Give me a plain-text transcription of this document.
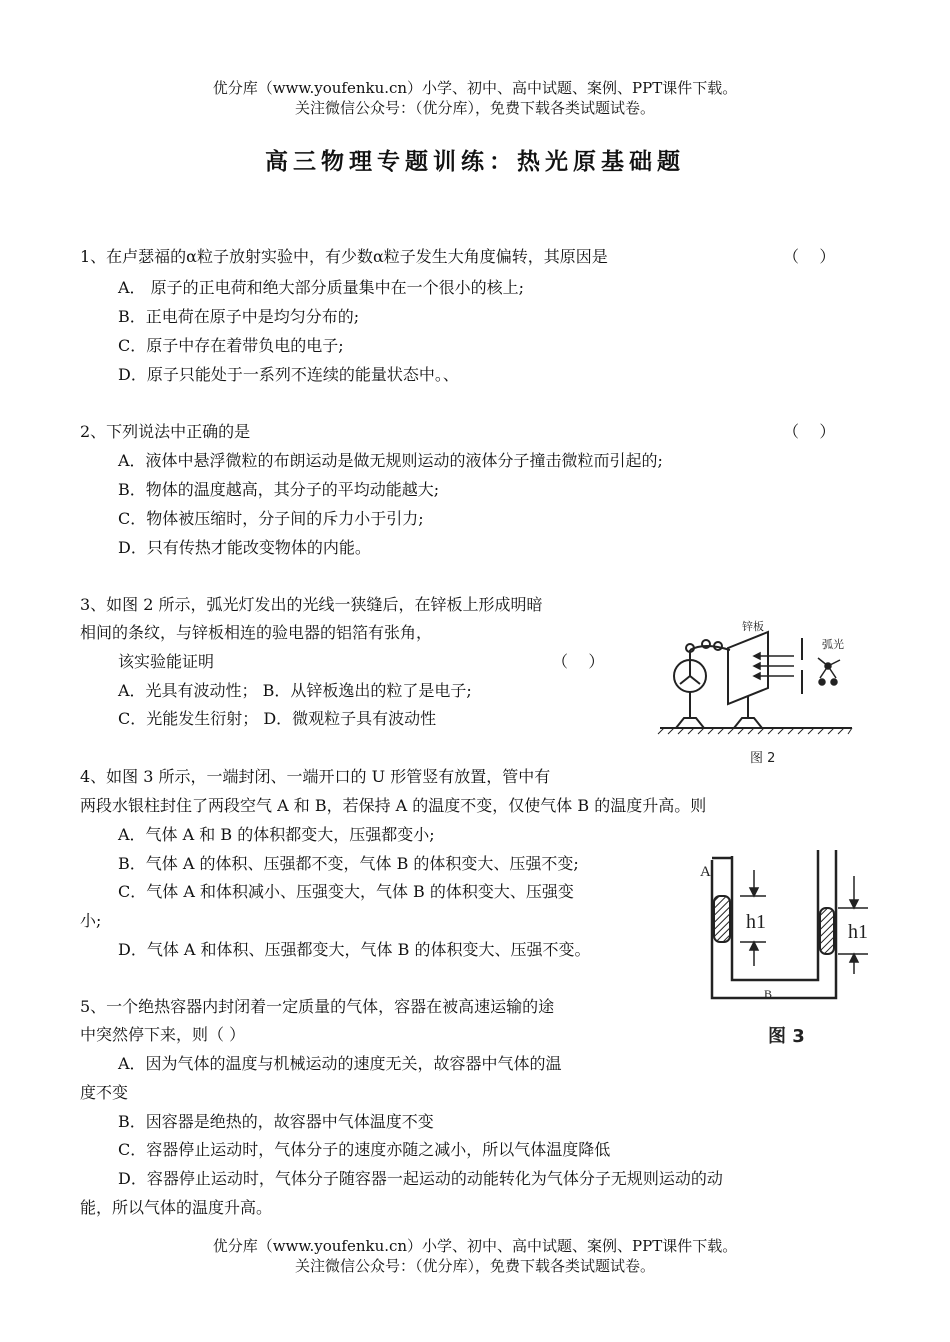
优分库（www.youfenku.cn）小学、初中、高中试题、案例、PPT课件下载。
关注微信公众号：（优分库），免费下载各类试题试卷。
高三物理专题训练：热光原基础题
1、在卢瑟福的α粒子放射实验中，有少数α粒子发生大角度偏转，其原因是	（    ）
A． 原子的正电荷和绝大部分质量集中在一个很小的核上;
B．正电荷在原子中是均匀分布的;
C．原子中存在着带负电的电子;
D．原子只能处于一系列不连续的能量状态中。、
2、下列说法中正确的是	（    ）
A．液体中悬浮微粒的布朗运动是做无规则运动的液体分子撞击微粒而引起的;
B．物体的温度越高，其分子的平均动能越大;
C．物体被压缩时，分子间的斥力小于引力;
D．只有传热才能改变物体的内能。
3、如图 2 所示，弧光灯发出的光线一狭缝后，在锌板上形成明暗
相间的条纹，与锌板相连的验电器的铝箔有张角，
该实验能证明	（    ）
A．光具有波动性； B．从锌板逸出的粒了是电子;
C．光能发生衍射； D．微观粒子具有波动性
锌板
弧光
图 2
4、如图 3 所示，一端封闭、一端开口的 U 形管竖有放置，管中有
两段水银柱封住了两段空气 A 和 B，若保持 A 的温度不变，仅使气体 B 的温度升高。则
A．气体 A 和 B 的体积都变大，压强都变小;
B．气体 A 的体积、压强都不变，气体 B 的体积变大、压强不变;
C．气体 A 和体积减小、压强变大，气体 B 的体积变大、压强变
小;
D．气体 A 和体积、压强都变大，气体 B 的体积变大、压强不变。
A
B
h1	h1
图 3
5、一个绝热容器内封闭着一定质量的气体，容器在被高速运输的途
中突然停下来，则（ ）
A．因为气体的温度与机械运动的速度无关，故容器中气体的温
度不变
B．因容器是绝热的，故容器中气体温度不变
C．容器停止运动时，气体分子的速度亦随之减小，所以气体温度降低
D．容器停止运动时，气体分子随容器一起运动的动能转化为气体分子无规则运动的动
能，所以气体的温度升高。
优分库（www.youfenku.cn）小学、初中、高中试题、案例、PPT课件下载。
关注微信公众号：（优分库），免费下载各类试题试卷。
